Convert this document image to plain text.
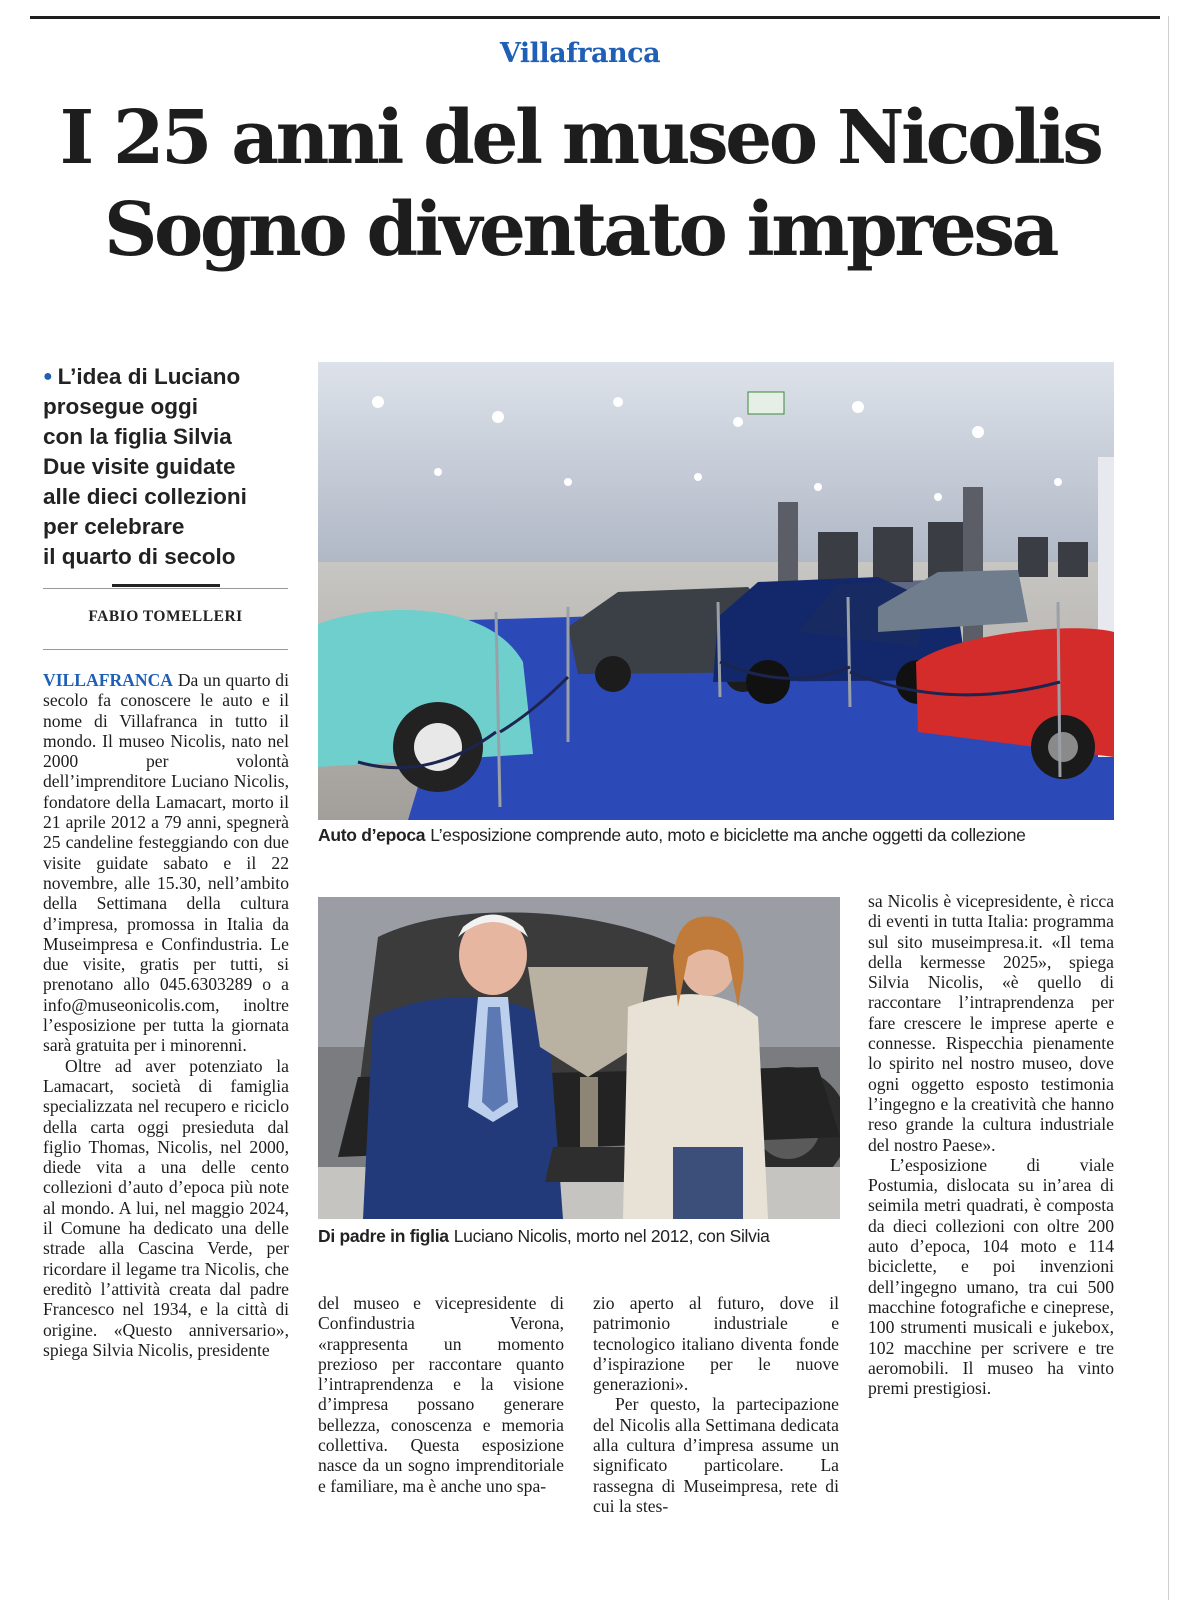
Villafranca
I 25 anni del museo Nicolis
Sogno diventato impresa
● L’idea di Luciano
prosegue oggi
con la figlia Silvia
Due visite guidate
alle dieci collezioni
per celebrare
il quarto di secolo
FABIO TOMELLERI

VILLAFRANCA Da un quarto di secolo fa conoscere le auto e il nome di Villafranca in tutto il mondo. Il museo Nicolis, nato nel 2000 per volontà dell’imprenditore Luciano Nicolis, fondatore della Lamacart, morto il 21 aprile 2012 a 79 anni, spegnerà 25 candeline festeggiando con due visite guidate sabato e il 22 novembre, alle 15.30, nell’ambito della Settimana della cultura d’impresa, promossa in Italia da Museimpresa e Confindustria. Le due visite, gratis per tutti, si prenotano allo 045.6303289 o a info@museonicolis.com, inoltre l’esposizione per tutta la giornata sarà gratuita per i minorenni.

Oltre ad aver potenziato la Lamacart, società di famiglia specializzata nel recupero e riciclo della carta oggi presieduta dal figlio Thomas, Nicolis, nel 2000, diede vita a una delle cento collezioni d’auto d’epoca più note al mondo. A lui, nel maggio 2024, il Comune ha dedicato una delle strade alla Cascina Verde, per ricordare il legame tra Nicolis, che ereditò l’attività creata dal padre Francesco nel 1934, e la città di origine. «Questo anniversario», spiega Silvia Nicolis, presidente

Auto d’epoca L’esposizione comprende auto, moto e biciclette ma anche oggetti da collezione
Di padre in figlia Luciano Nicolis, morto nel 2012, con Silvia

del museo e vicepresidente di Confindustria Verona, «rappresenta un momento prezioso per raccontare quanto l’intraprendenza e la visione d’impresa possano generare bellezza, conoscenza e memoria collettiva. Questa esposizione nasce da un sogno imprenditoriale e familiare, ma è anche uno spa-

zio aperto al futuro, dove il patrimonio industriale e tecnologico italiano diventa fonde d’ispirazione per le nuove generazioni».

Per questo, la partecipazione del Nicolis alla Settimana dedicata alla cultura d’impresa assume un significato particolare. La rassegna di Museimpresa, rete di cui la stes-

sa Nicolis è vicepresidente, è ricca di eventi in tutta Italia: programma sul sito museimpresa.it. «Il tema della kermesse 2025», spiega Silvia Nicolis, «è quello di raccontare l’intraprendenza per fare crescere le imprese aperte e connesse. Rispecchia pienamente lo spirito nel nostro museo, dove ogni oggetto esposto testimonia l’ingegno e la creatività che hanno reso grande la cultura industriale del nostro Paese».

L’esposizione di viale Postumia, dislocata su in’area di seimila metri quadrati, è composta da dieci collezioni con oltre 200 auto d’epoca, 104 moto e 114 biciclette, e poi invenzioni dell’ingegno umano, tra cui 500 macchine fotografiche e cineprese, 100 strumenti musicali e jukebox, 102 macchine per scrivere e tre aeromobili. Il museo ha vinto premi prestigiosi.
